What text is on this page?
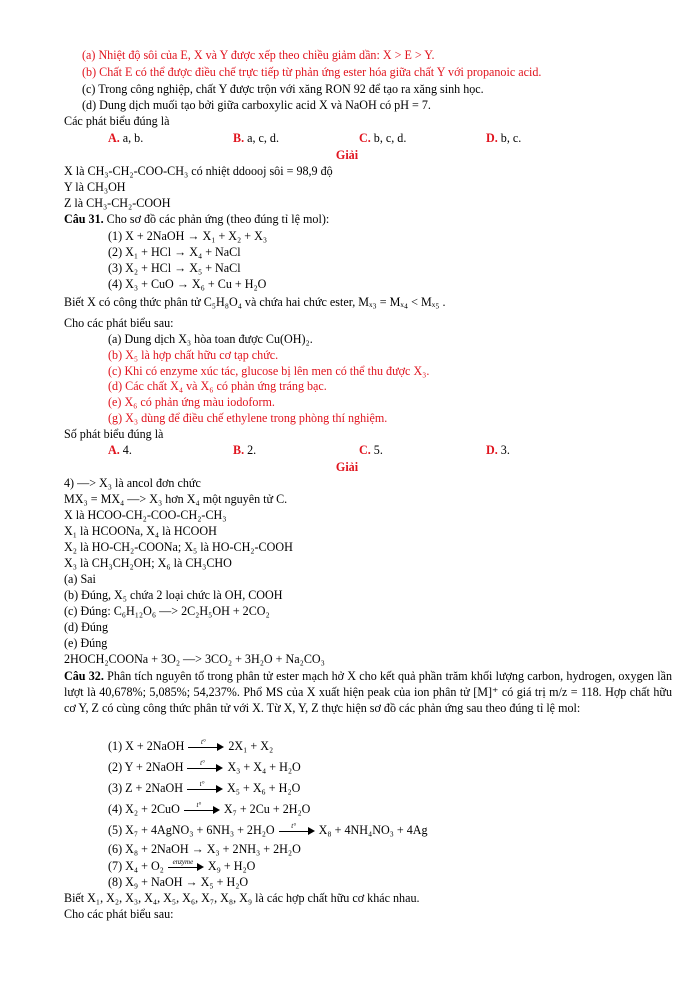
(a) Nhiệt độ sôi của E, X và Y được xếp theo chiều giảm dần: X > E > Y.
(b) Chất E có thể được điều chế trực tiếp từ phản ứng ester hóa giữa chất Y với propanoic acid.
(c) Trong công nghiệp, chất Y được trộn với xăng RON 92 để tạo ra xăng sinh học.
(d) Dung dịch muối tạo bởi giữa carboxylic acid X và NaOH có pH = 7.
Các phát biểu đúng là
A. a, b.	B. a, c, d.	C. b, c, d.	D. b, c.
Giải
X là CH₃-CH₂-COO-CH₃ có nhiệt ddoooj sôi = 98,9 độ
Y là CH₃OH
Z là CH₃-CH₂-COOH
Câu 31. Cho sơ đồ các phản ứng (theo đúng tỉ lệ mol):
(1) X + 2NaOH → X₁ + X₂ + X₃
(2) X₁ + HCl → X₄ + NaCl
(3) X₂ + HCl → X₅ + NaCl
(4) X₃ + CuO → X₆ + Cu + H₂O
Biết X có công thức phân tử C₅H₈O₄ và chứa hai chức ester, Mₓ₃ = Mₓ₄ < Mₓ₅ .
Cho các phát biểu sau:
(a) Dung dịch X₃ hòa toan được Cu(OH)₂.
(b) X₅ là hợp chất hữu cơ tạp chức.
(c) Khi có enzyme xúc tác, glucose bị lên men có thể thu được X₃.
(d) Các chất X₄ và X₆ có phản ứng tráng bạc.
(e) X₆ có phản ứng màu iodoform.
(g) X₃ dùng để điều chế ethylene trong phòng thí nghiệm.
Số phát biểu đúng là
A. 4.	B. 2.	C. 5.	D. 3.
Giải
4) —> X₃ là ancol đơn chức
MX₃ = MX₄ —> X₃ hơn X₄ một nguyên tử C.
X là HCOO-CH₂-COO-CH₂-CH₃
X₁ là HCOONa, X₄ là HCOOH
X₂ là HO-CH₂-COONa; X₅ là HO-CH₂-COOH
X₃ là CH₃CH₂OH; X₆ là CH₃CHO
(a) Sai
(b) Đúng, X₅ chứa 2 loại chức là OH, COOH
(c) Đúng: C₆H₁₂O₆ —> 2C₂H₅OH + 2CO₂
(d) Đúng
(e) Đúng
2HOCH₂COONa + 3O₂ —> 3CO₂ + 3H₂O + Na₂CO₃
Câu 32. Phân tích nguyên tố trong phân tử ester mạch hở X cho kết quả phần trăm khối lượng carbon, hydrogen, oxygen lần lượt là 40,678%; 5,085%; 54,237%. Phổ MS của X xuất hiện peak của ion phân tử [M]⁺ có giá trị m/z = 118. Hợp chất hữu cơ Y, Z có cùng công thức phân tử với X. Từ X, Y, Z thực hiện sơ đồ các phản ứng sau theo đúng tỉ lệ mol:
(1) X + 2NaOH	t°	2X₁ + X₂
(2) Y + 2NaOH	t°	X₃ + X₄ + H₂O
(3) Z + 2NaOH	t°	X₅ + X₆ + H₂O
(4) X₂ + 2CuO	t°	X₇ + 2Cu + 2H₂O
(5) X₇ + 4AgNO₃ + 6NH₃ + 2H₂O	t°	X₈ + 4NH₄NO₃ + 4Ag
(6) X₈ + 2NaOH → X₃ + 2NH₃ + 2H₂O
(7) X₄ + O₂	enzyme	X₉ + H₂O
(8) X₉ + NaOH → X₅ + H₂O
Biết X₁, X₂, X₃, X₄, X₅, X₆, X₇, X₈, X₉ là các hợp chất hữu cơ khác nhau.
Cho các phát biểu sau:
